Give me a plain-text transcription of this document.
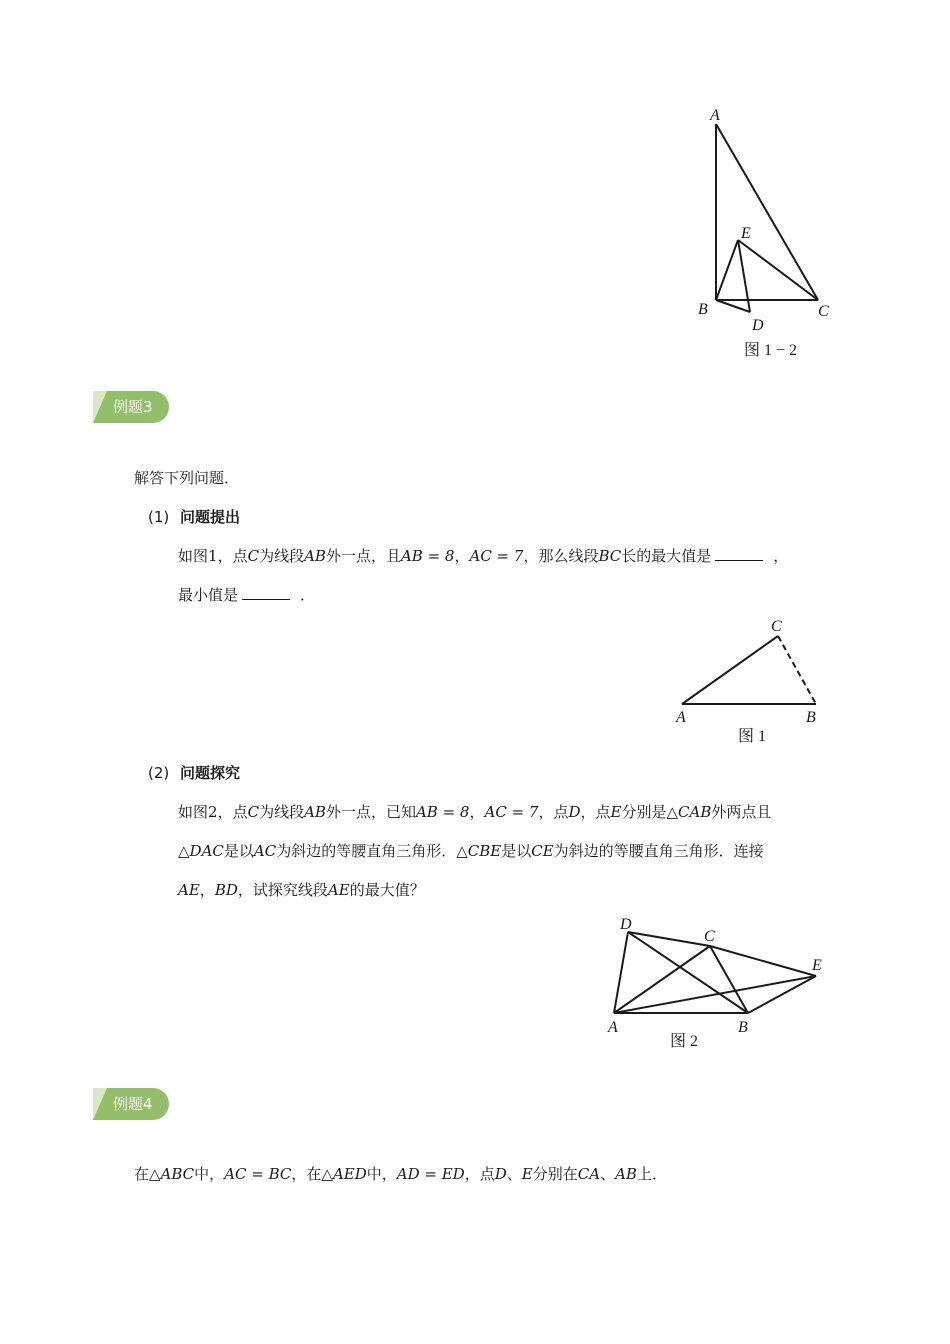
A
E
B	C
D
图 1 − 2
例题3
解答下列问题．
(1) 问题提出
如图1，点C为线段AB外一点，且AB = 8，AC = 7，那么线段BC长的最大值是	，
最小值是	．
C
A	B
图 1
(2) 问题探究
如图2，点C为线段AB外一点，已知AB = 8，AC = 7，点D，点E分别是△CAB外两点且
△DAC是以AC为斜边的等腰直角三角形．△CBE是以CE为斜边的等腰直角三角形．连接
AE，BD，试探究线段AE的最大值？
D
C
E
A	B
图 2
例题4
在△ABC中，AC = BC，在△AED中，AD = ED，点D、E分别在CA、AB上．
